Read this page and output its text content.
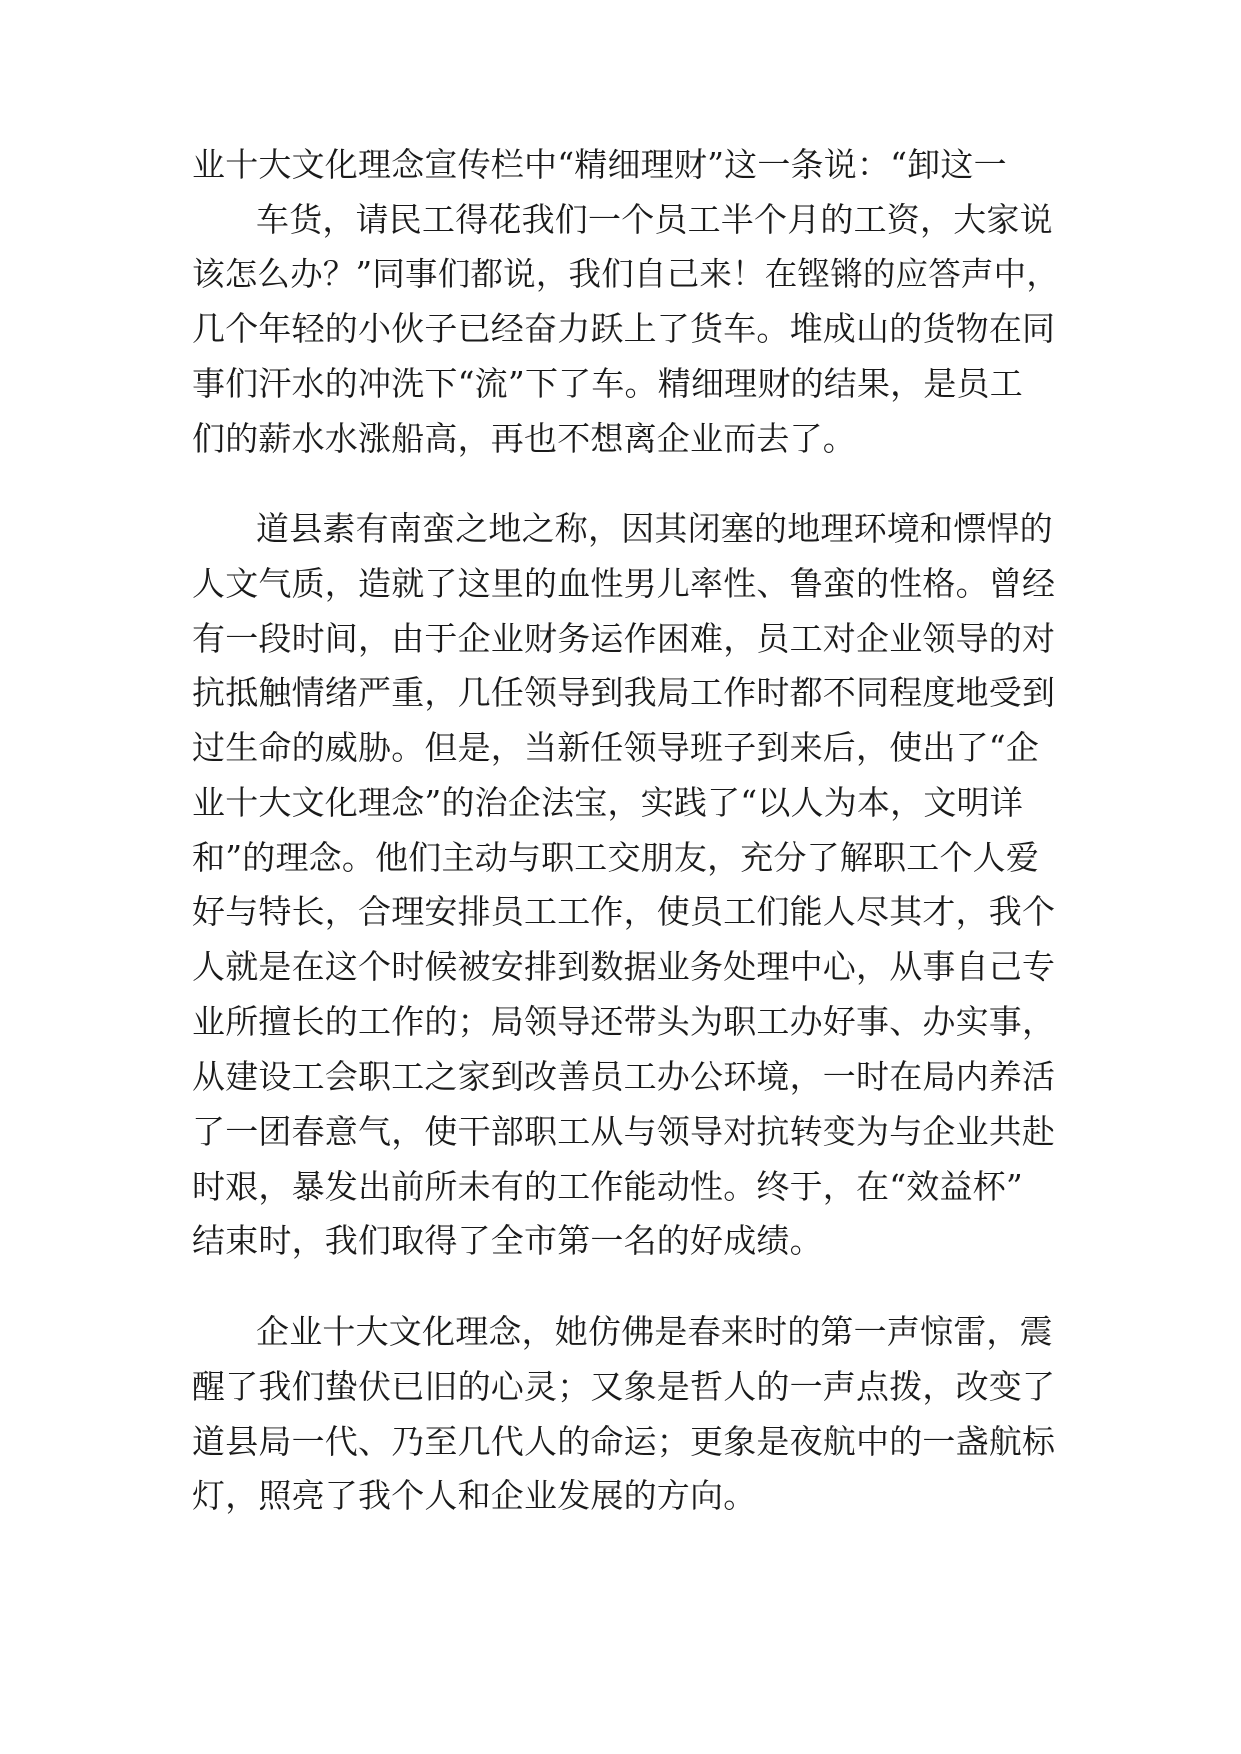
业十大文化理念宣传栏中“精细理财”这一条说：“卸这一
车货，请民工得花我们一个员工半个月的工资，大家说
该怎么办？”同事们都说，我们自己来！在铿锵的应答声中，
几个年轻的小伙子已经奋力跃上了货车。堆成山的货物在同
事们汗水的冲洗下“流”下了车。精细理财的结果，是员工
们的薪水水涨船高，再也不想离企业而去了。
道县素有南蛮之地之称，因其闭塞的地理环境和慓悍的
人文气质，造就了这里的血性男儿率性、鲁蛮的性格。曾经
有一段时间，由于企业财务运作困难，员工对企业领导的对
抗抵触情绪严重，几任领导到我局工作时都不同程度地受到
过生命的威胁。但是，当新任领导班子到来后，使出了“企
业十大文化理念”的治企法宝，实践了“以人为本，文明详
和”的理念。他们主动与职工交朋友，充分了解职工个人爱
好与特长，合理安排员工工作，使员工们能人尽其才，我个
人就是在这个时候被安排到数据业务处理中心，从事自己专
业所擅长的工作的；局领导还带头为职工办好事、办实事，
从建设工会职工之家到改善员工办公环境，一时在局内养活
了一团春意气，使干部职工从与领导对抗转变为与企业共赴
时艰，暴发出前所未有的工作能动性。终于，在“效益杯”
结束时，我们取得了全市第一名的好成绩。
企业十大文化理念，她仿佛是春来时的第一声惊雷，震
醒了我们蛰伏已旧的心灵；又象是哲人的一声点拨，改变了
道县局一代、乃至几代人的命运；更象是夜航中的一盏航标
灯，照亮了我个人和企业发展的方向。
